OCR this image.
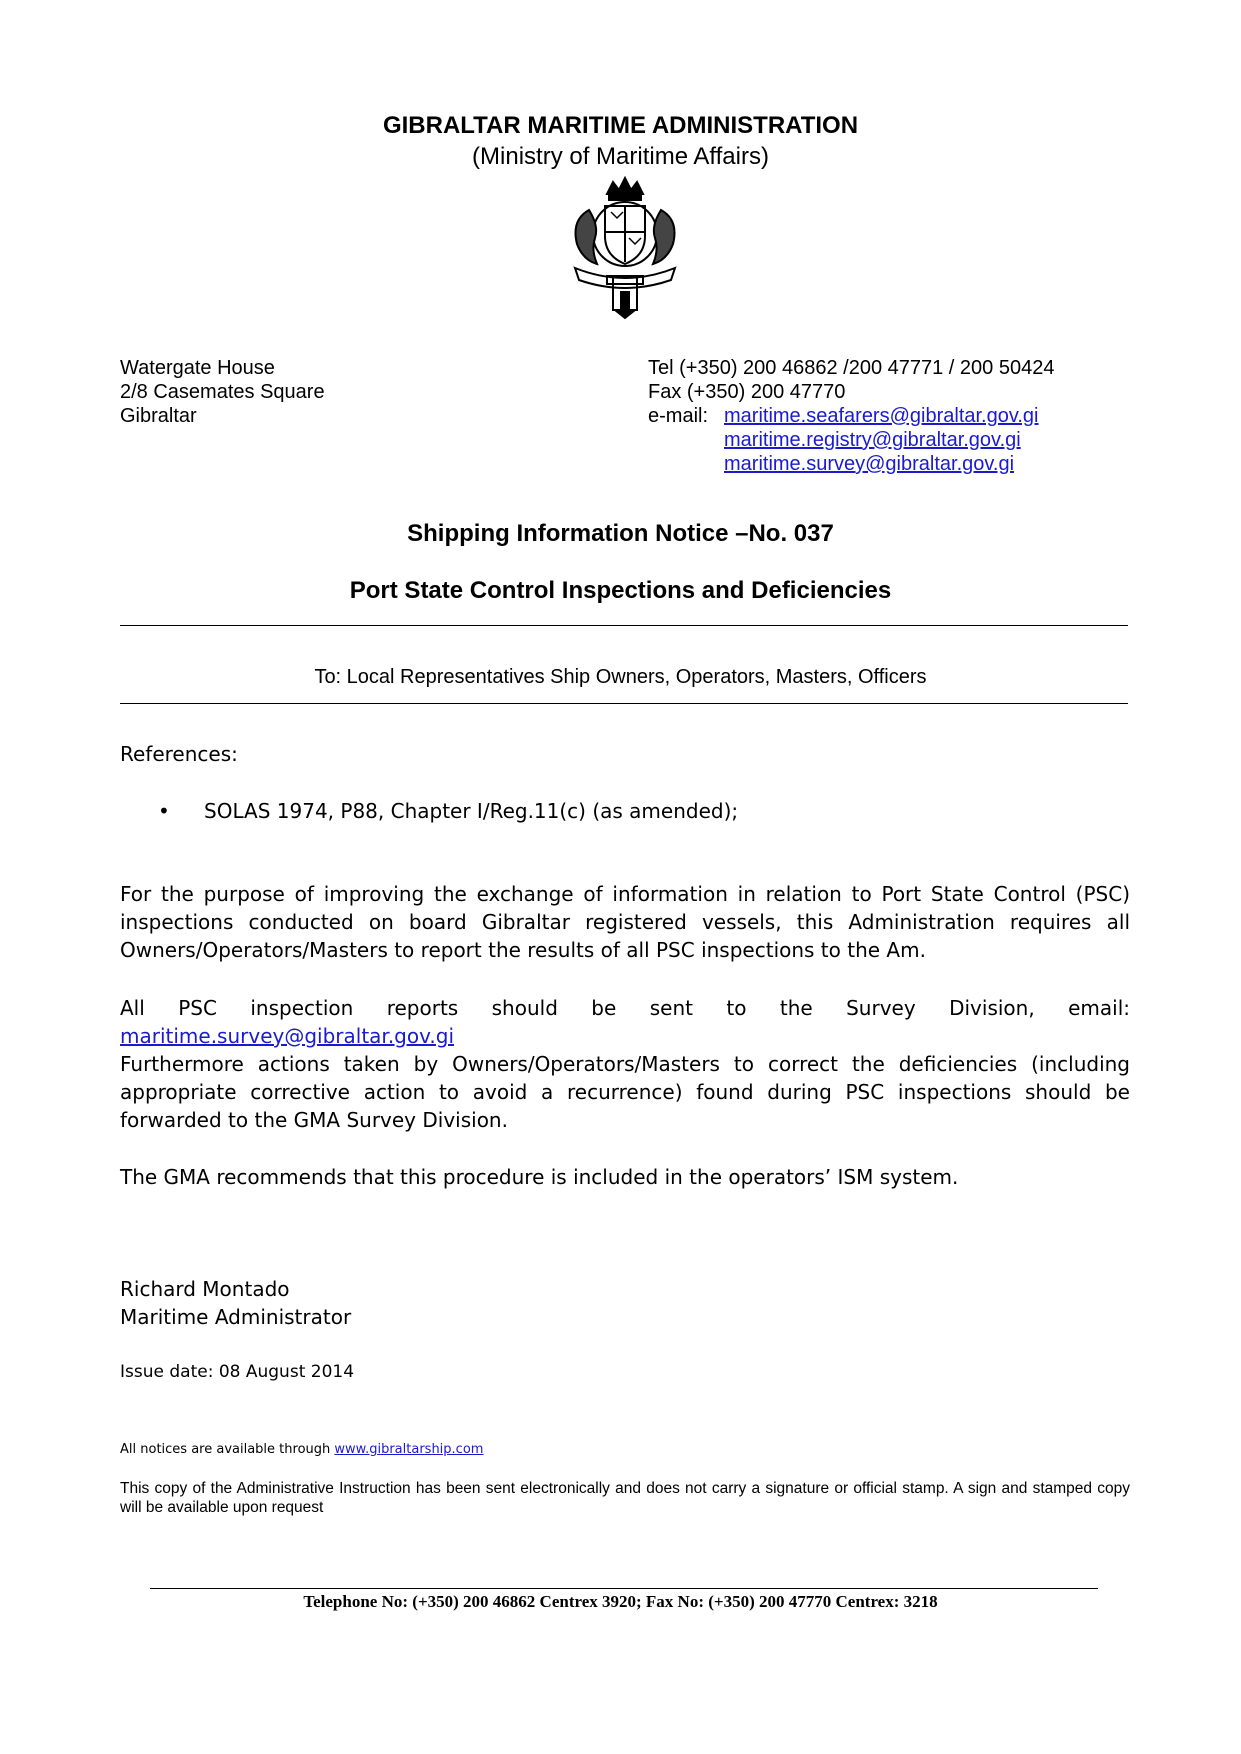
GIBRALTAR MARITIME ADMINISTRATION
(Ministry of Maritime Affairs)
Watergate House
2/8 Casemates Square
Gibraltar
Tel (+350) 200 46862 /200 47771 / 200 50424
Fax (+350) 200 47770
e-mail: maritime.seafarers@gibraltar.gov.gi
maritime.registry@gibraltar.gov.gi
maritime.survey@gibraltar.gov.gi
Shipping Information Notice –No. 037
Port State Control Inspections and Deficiencies
To: Local Representatives Ship Owners, Operators, Masters, Officers
References:
• SOLAS 1974, P88, Chapter I/Reg.11(c) (as amended);
For the purpose of improving the exchange of information in relation to Port State Control (PSC) inspections conducted on board Gibraltar registered vessels, this Administration requires all Owners/Operators/Masters to report the results of all PSC inspections to the Am.
All PSC inspection reports should be sent to the Survey Division, email: maritime.survey@gibraltar.gov.gi
Furthermore actions taken by Owners/Operators/Masters to correct the deficiencies (including appropriate corrective action to avoid a recurrence) found during PSC inspections should be forwarded to the GMA Survey Division.
The GMA recommends that this procedure is included in the operators’ ISM system.
Richard Montado
Maritime Administrator
Issue date: 08 August 2014
All notices are available through www.gibraltarship.com
This copy of the Administrative Instruction has been sent electronically and does not carry a signature or official stamp. A sign and stamped copy will be available upon request
Telephone No: (+350) 200 46862 Centrex 3920; Fax No: (+350) 200 47770 Centrex: 3218
